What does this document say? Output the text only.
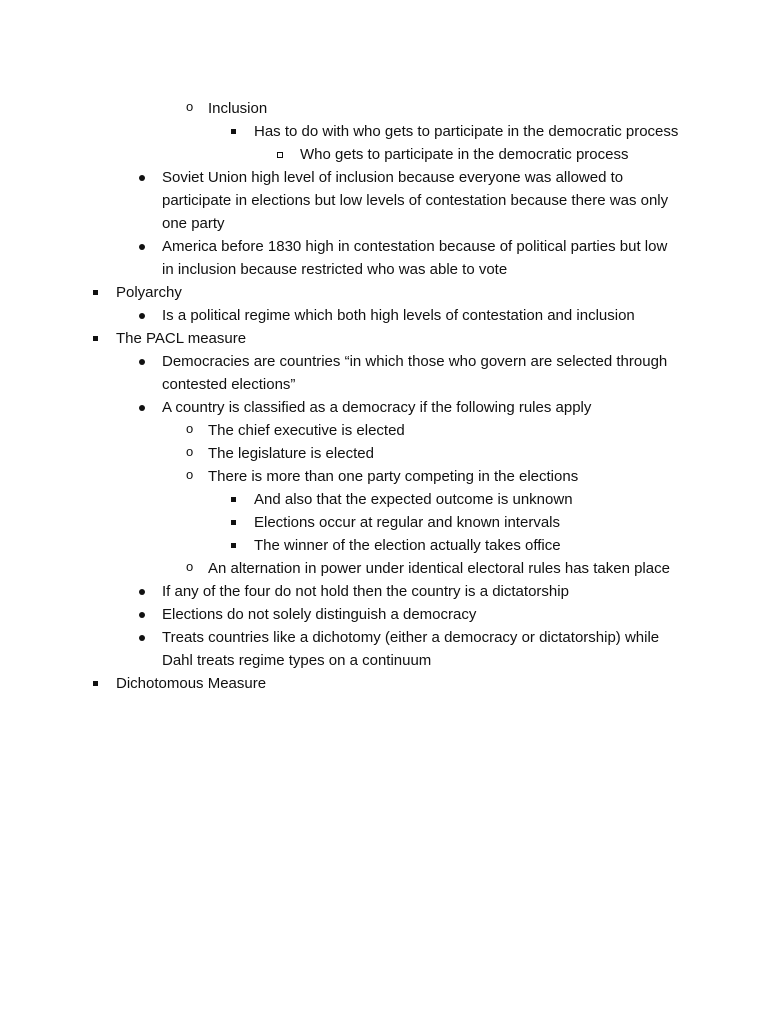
o Inclusion
Has to do with who gets to participate in the democratic process
Who gets to participate in the democratic process
Soviet Union high level of inclusion because everyone was allowed to
participate in elections but low levels of contestation because there was only
one party
America before 1830 high in contestation because of political parties but low
in inclusion because restricted who was able to vote
Polyarchy
Is a political regime which both high levels of contestation and inclusion
The PACL measure
Democracies are countries “in which those who govern are selected through
contested elections”
A country is classified as a democracy if the following rules apply
o The chief executive is elected
o The legislature is elected
o There is more than one party competing in the elections
And also that the expected outcome is unknown
Elections occur at regular and known intervals
The winner of the election actually takes office
o An alternation in power under identical electoral rules has taken place
If any of the four do not hold then the country is a dictatorship
Elections do not solely distinguish a democracy
Treats countries like a dichotomy (either a democracy or dictatorship) while
Dahl treats regime types on a continuum
Dichotomous Measure
